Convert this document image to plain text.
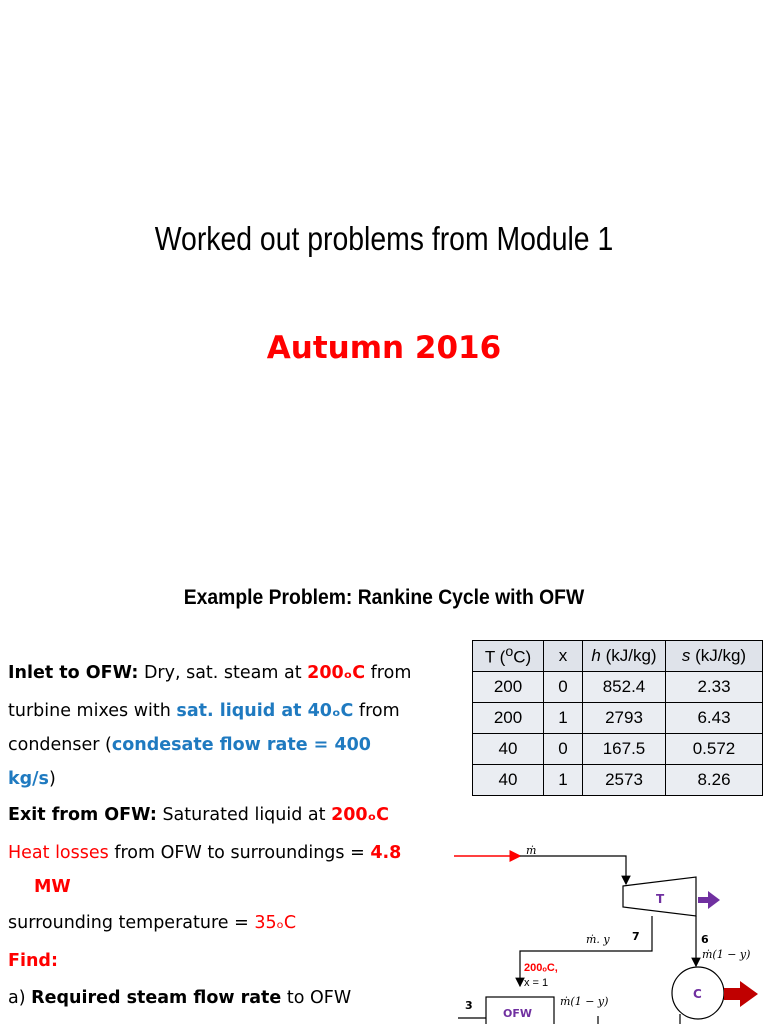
Worked out problems from Module 1
Autumn 2016
Example Problem: Rankine Cycle with OFW
Inlet to OFW: Dry, sat. steam at 200ₒC from
turbine mixes with sat. liquid at 40ₒC from
condenser (condesate flow rate = 400
kg/s)
Exit from OFW: Saturated liquid at 200ₒC
Heat losses from OFW to surroundings = 4.8
MW
surrounding temperature = 35ₒC
Find:
a) Required steam flow rate to OFW
T ($^o$C)	x	h (kJ/kg)	s (kJ/kg)
200	0	852.4	2.33
200	1	2793	6.43
40	0	167.5	0.572
40	1	2573	8.26
ṁ
T
7
ṁ. y	6
ṁ(1 − y)
C
ṁ(1 − y)
200ₒC,
x = 1
OFW
3
